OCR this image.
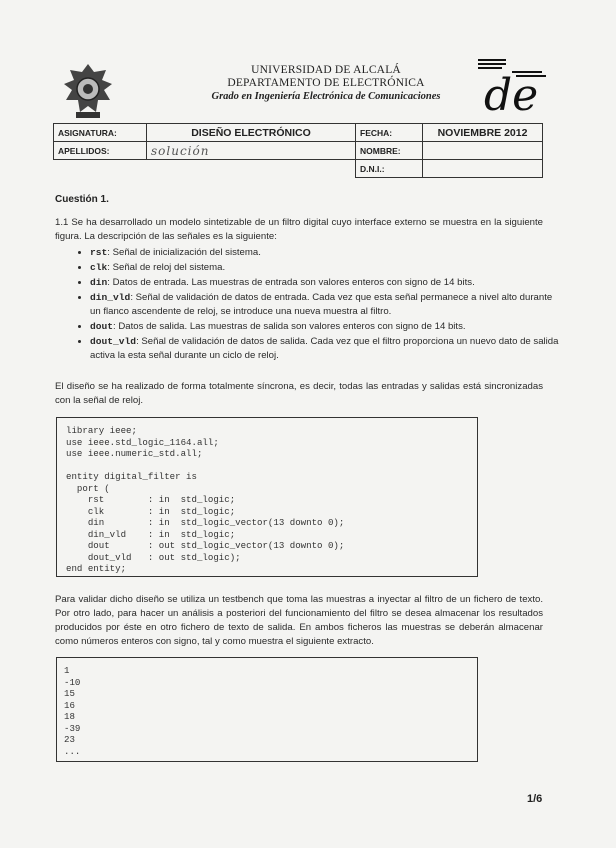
UNIVERSIDAD DE ALCALÁ
DEPARTAMENTO DE ELECTRÓNICA
Grado en Ingeniería Electrónica de Comunicaciones de
ASIGNATURA:	DISEÑO ELECTRÓNICO	FECHA:	NOVIEMBRE 2012
APELLIDOS:	solución	NOMBRE:	
		D.N.I.:	
Cuestión 1.
1.1 Se ha desarrollado un modelo sintetizable de un filtro digital cuyo interface externo se muestra en la siguiente figura. La descripción de las señales es la siguiente:
• rst: Señal de inicialización del sistema.
• clk: Señal de reloj del sistema.
• din: Datos de entrada. Las muestras de entrada son valores enteros con signo de 14 bits.
• din_vld: Señal de validación de datos de entrada. Cada vez que esta señal permanece a nivel alto durante un flanco ascendente de reloj, se introduce una nueva muestra al filtro.
• dout: Datos de salida. Las muestras de salida son valores enteros con signo de 14 bits.
• dout_vld: Señal de validación de datos de salida. Cada vez que el filtro proporciona un nuevo dato de salida activa la esta señal durante un ciclo de reloj.
El diseño se ha realizado de forma totalmente síncrona, es decir, todas las entradas y salidas está sincronizadas con la señal de reloj.
library ieee;
use ieee.std_logic_1164.all;
use ieee.numeric_std.all;

entity digital_filter is
port (
rst        : in  std_logic;
clk        : in  std_logic;
din        : in  std_logic_vector(13 downto 0);
din_vld    : in  std_logic;
dout       : out std_logic_vector(13 downto 0);
dout_vld   : out std_logic);
end entity;
Para validar dicho diseño se utiliza un testbench que toma las muestras a inyectar al filtro de un fichero de texto. Por otro lado, para hacer un análisis a posteriori del funcionamiento del filtro se desea almacenar los resultados producidos por éste en otro fichero de texto de salida. En ambos ficheros las muestras se deberán almacenar como números enteros con signo, tal y como muestra el siguiente extracto.
1
-10
15
16
18
-39
23
...
1/6
